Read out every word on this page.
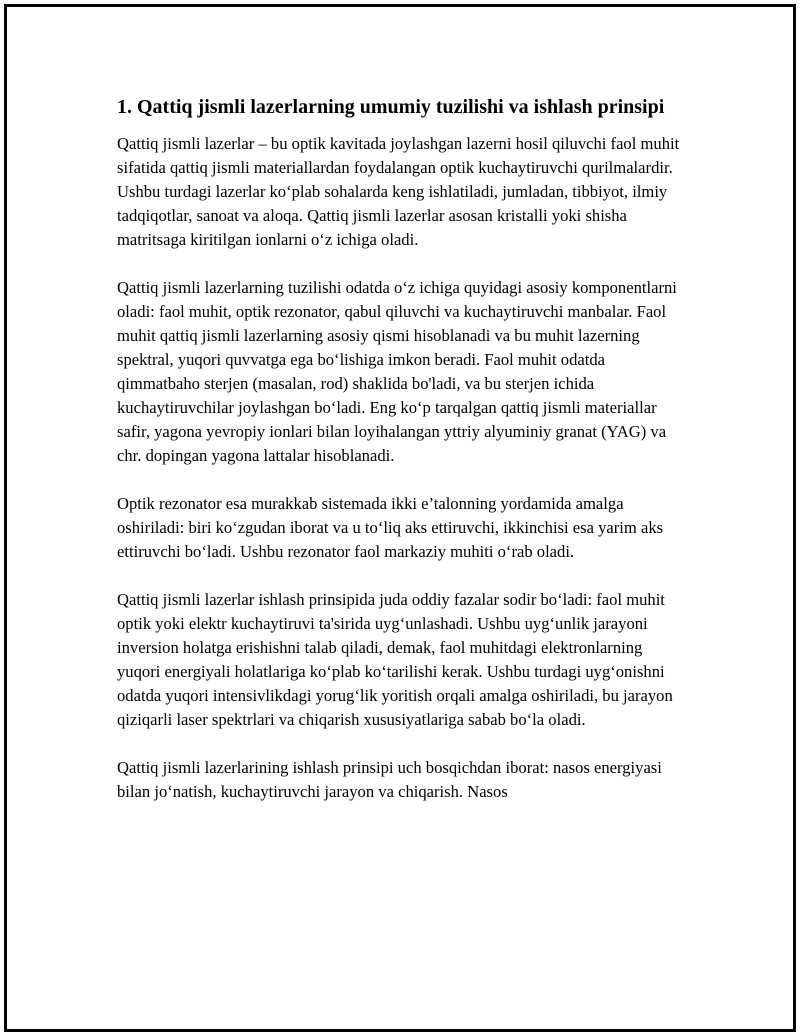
1. Qattiq jismli lazerlarning umumiy tuzilishi va ishlash prinsipi

Qattiq jismli lazerlar – bu optik kavitada joylashgan lazerni hosil qiluvchi faol muhit sifatida qattiq jismli materiallardan foydalangan optik kuchaytiruvchi qurilmalardir. Ushbu turdagi lazerlar ko‘plab sohalarda keng ishlatiladi, jumladan, tibbiyot, ilmiy tadqiqotlar, sanoat va aloqa. Qattiq jismli lazerlar asosan kristalli yoki shisha matritsaga kiritilgan ionlarni o‘z ichiga oladi.

Qattiq jismli lazerlarning tuzilishi odatda o‘z ichiga quyidagi asosiy komponentlarni oladi: faol muhit, optik rezonator, qabul qiluvchi va kuchaytiruvchi manbalar. Faol muhit qattiq jismli lazerlarning asosiy qismi hisoblanadi va bu muhit lazerning spektral, yuqori quvvatga ega bo‘lishiga imkon beradi. Faol muhit odatda qimmatbaho sterjen (masalan, rod) shaklida bo'ladi, va bu sterjen ichida kuchaytiruvchilar joylashgan bo‘ladi. Eng ko‘p tarqalgan qattiq jismli materiallar safir, yagona yevropiy ionlari bilan loyihalangan yttriy alyuminiy granat (YAG) va chr. dopingan yagona lattalar hisoblanadi.

Optik rezonator esa murakkab sistemada ikki e’talonning yordamida amalga oshiriladi: biri ko‘zgudan iborat va u to‘liq aks ettiruvchi, ikkinchisi esa yarim aks ettiruvchi bo‘ladi. Ushbu rezonator faol markaziy muhiti o‘rab oladi.

Qattiq jismli lazerlar ishlash prinsipida juda oddiy fazalar sodir bo‘ladi: faol muhit optik yoki elektr kuchaytiruvi ta'sirida uyg‘unlashadi. Ushbu uyg‘unlik jarayoni inversion holatga erishishni talab qiladi, demak, faol muhitdagi elektronlarning yuqori energiyali holatlariga ko‘plab ko‘tarilishi kerak. Ushbu turdagi uyg‘onishni odatda yuqori intensivlikdagi yorug‘lik yoritish orqali amalga oshiriladi, bu jarayon qiziqarli laser spektrlari va chiqarish xususiyatlariga sabab bo‘la oladi.

Qattiq jismli lazerlarining ishlash prinsipi uch bosqichdan iborat: nasos energiyasi bilan jo‘natish, kuchaytiruvchi jarayon va chiqarish. Nasos
